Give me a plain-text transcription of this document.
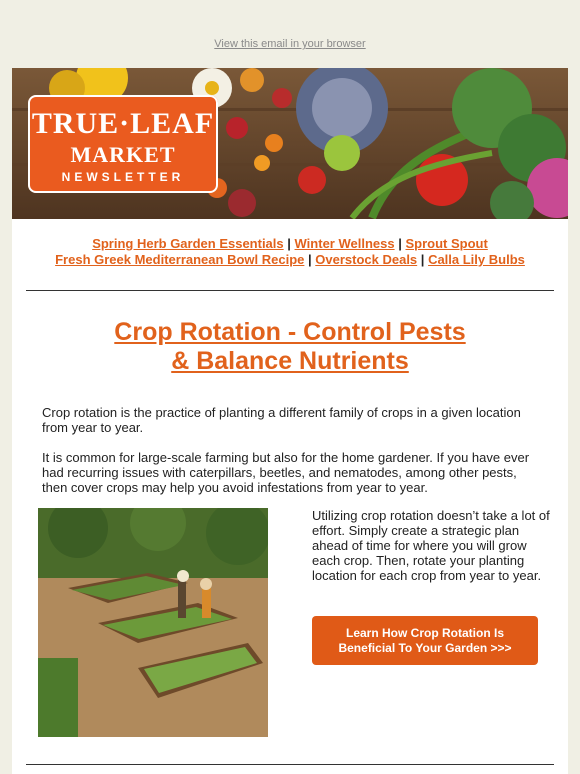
View this email in your browser
TRUE·LEAF
MARKET
NEWSLETTER
Spring Herb Garden Essentials | Winter Wellness | Sprout Spout
Fresh Greek Mediterranean Bowl Recipe | Overstock Deals | Calla Lily Bulbs
Crop Rotation - Control Pests
& Balance Nutrients
Crop rotation is the practice of planting a different family of crops in a given location from year to year.
It is common for large-scale farming but also for the home gardener. If you have ever had recurring issues with caterpillars, beetles, and nematodes, among other pests, then cover crops may help you avoid infestations from year to year.
Utilizing crop rotation doesn’t take a lot of effort. Simply create a strategic plan ahead of time for where you will grow each crop. Then, rotate your planting location for each crop from year to year.
Learn How Crop Rotation Is Beneficial To Your Garden >>>
